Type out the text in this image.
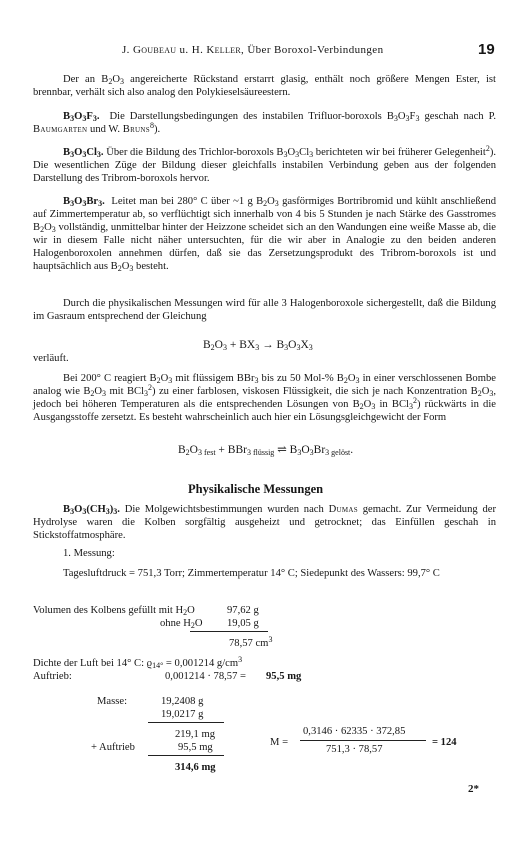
J. Goubeau u. H. Keller, Über Boroxol-Verbindungen	19
Der an $B_2O_3$ angereicherte Rückstand erstarrt glasig, enthält noch größere Mengen Ester, ist brennbar, verhält sich also analog den Polykieselsäureestern.
$B_3O_3F_3$.  Die Darstellungsbedingungen des instabilen Trifluor-boroxols $B_3O_3F_3$ geschah nach P. Baumgarten und W. Bruns$^8$).
$B_3O_3Cl_3$. Über die Bildung des Trichlor-boroxols $B_3O_3Cl_3$ berichteten wir bei früherer Gelegenheit$^2$). Die wesentlichen Züge der Bildung dieser gleichfalls instabilen Verbindung geben aus der folgenden Darstellung des Tribrom-boroxols hervor.
$B_3O_3Br_3$.  Leitet man bei 280° C über ~1 g $B_2O_3$ gasförmiges Bortribromid und kühlt anschließend auf Zimmertemperatur ab, so verflüchtigt sich innerhalb von 4 bis 5 Stunden je nach Stärke des Gasstromes $B_2O_3$ vollständig, unmittelbar hinter der Heizzone scheidet sich an den Wandungen eine weiße Masse ab, die wir in diesem Falle nicht näher untersuchten, für die wir aber in Analogie zu den beiden anderen Halogenboroxolen annehmen dürfen, daß sie das Zersetzungsprodukt des Tribrom-boroxols ist und hauptsächlich aus $B_2O_3$ besteht.
Durch die physikalischen Messungen wird für alle 3 Halogenboroxole sichergestellt, daß die Bildung im Gasraum entsprechend der Gleichung
$B_2O_3 + BX_3 \to B_3O_3X_3$
verläuft.
Bei 200° C reagiert $B_2O_3$ mit flüssigem BBr$_3$ bis zu 50 Mol-% $B_2O_3$ in einer verschlossenen Bombe analog wie $B_2O_3$ mit BCl$_3^2$) zu einer farblosen, viskosen Flüssigkeit, die sich je nach Konzentration $B_2O_3$, jedoch bei höheren Temperaturen als die entsprechenden Lösungen von $B_2O_3$ in BCl$_3^2$) rückwärts in die Ausgangsstoffe zersetzt. Es besteht wahrscheinlich auch hier ein Lösungsgleichgewicht der Form
$B_2O_{3 fest} + BBr_{3 flüssig}$ ⇌ $B_3O_3Br_{3 gelöst}$.
Physikalische Messungen
$B_3O_3(CH_3)_3$. Die Molgewichtsbestimmungen wurden nach Dumas gemacht. Zur Vermeidung der Hydrolyse waren die Kolben sorgfältig ausgeheizt und getrocknet; das Einfüllen geschah in Stickstoffatmosphäre.
1. Messung:
Tagesluftdruck = 751,3 Torr; Zimmertemperatur 14° C; Siedepunkt des Wassers: 99,7° C
Volumen des Kolbens gefüllt mit $H_2O$	97,62 g
ohne $H_2O$ 19,05 g
78,57 $cm^3$
Dichte der Luft bei 14° C: $ϱ_{14^\circ} = 0,001214$ $g/cm^3$
Auftrieb:	0,001214 · 78,57 = 95,5 mg
Masse:	19,2408 g
19,0217 g
219,1 mg
+ Auftrieb	95,5 mg
314,6 mg
M =
0,3146 · 62335 · 372,85
751,3 · 78,57
= 124
2*
